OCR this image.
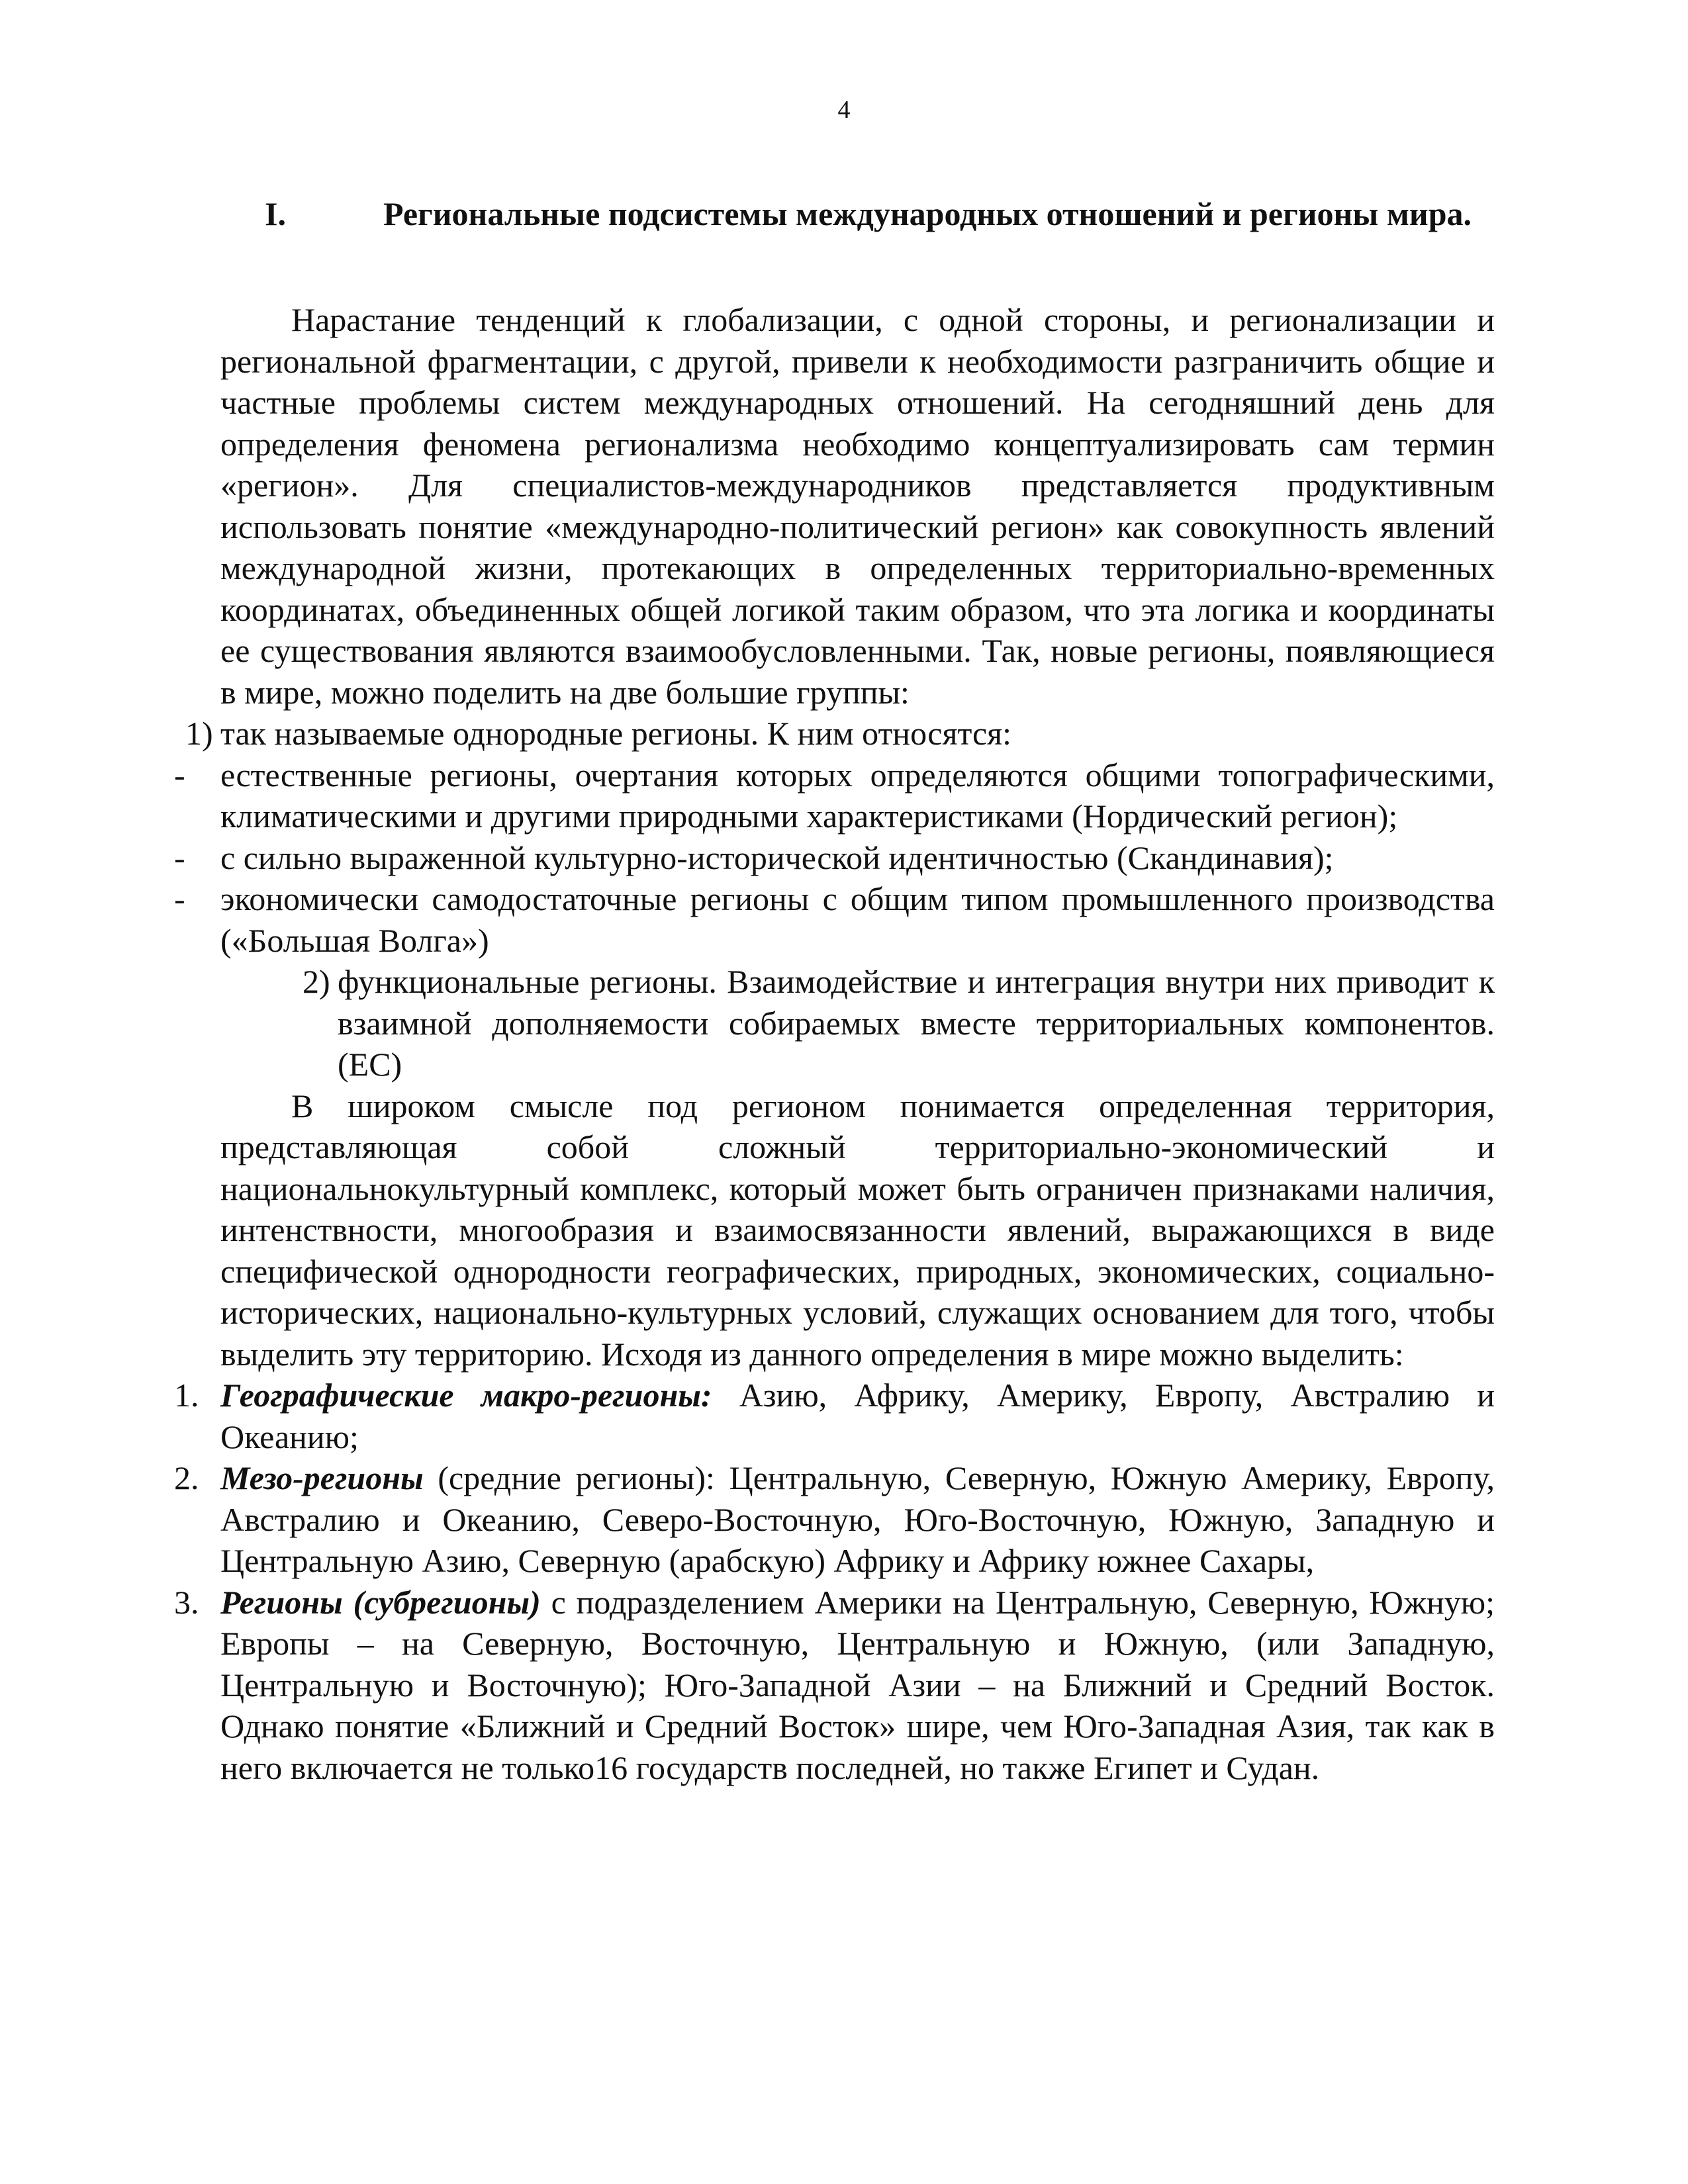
4
I.	Региональные подсистемы международных отношений и регионы мира.

Нарастание тенденций к глобализации, с одной стороны, и регионализации и региональной фрагментации, с другой, привели к необходимости разграничить общие и частные проблемы систем международных отношений. На сегодняшний день для определения феномена регионализма необходимо концептуализировать сам термин «регион». Для специалистов-международников представляется продуктивным использовать понятие «международно-политический регион» как совокупность явлений международной жизни, протекающих в определенных территориально-временных координатах, объединенных общей логикой таким образом, что эта логика и координаты ее существования являются взаимообусловленными. Так, новые регионы, появляющиеся в мире, можно поделить на две большие группы:

1) так называемые однородные регионы. К ним относятся:

- естественные регионы, очертания которых определяются общими топографическими, климатическими и другими природными характеристиками (Нордический регион);

- с сильно выраженной культурно-исторической идентичностью (Скандинавия);

- экономически самодостаточные регионы с общим типом промышленного производства («Большая Волга»)

2) функциональные регионы. Взаимодействие и интеграция внутри них приводит к взаимной дополняемости собираемых вместе территориальных компонентов. (ЕС)

В широком смысле под регионом понимается определенная территория, представляющая собой сложный территориально-экономический и национальнокультурный комплекс, который может быть ограничен признаками наличия, интенствности, многообразия и взаимосвязанности явлений, выражающихся в виде специфической однородности географических, природных, экономических, социально-исторических, национально-культурных условий, служащих основанием для того, чтобы выделить эту территорию. Исходя из данного определения в мире можно выделить:

1. Географические макро-регионы: Азию, Африку, Америку, Европу, Австралию и Океанию;

2. Мезо-регионы (средние регионы): Центральную, Северную, Южную Америку, Европу, Австралию и Океанию, Северо-Восточную, Юго-Восточную, Южную, Западную и Центральную Азию, Северную (арабскую) Африку и Африку южнее Сахары,

3. Регионы (субрегионы) с подразделением Америки на Центральную, Северную, Южную; Европы – на Северную, Восточную, Центральную и Южную, (или Западную, Центральную и Восточную); Юго-Западной Азии – на Ближний и Средний Восток. Однако понятие «Ближний и Средний Восток» шире, чем Юго-Западная Азия, так как в него включается не только16 государств последней, но также Египет и Судан.
